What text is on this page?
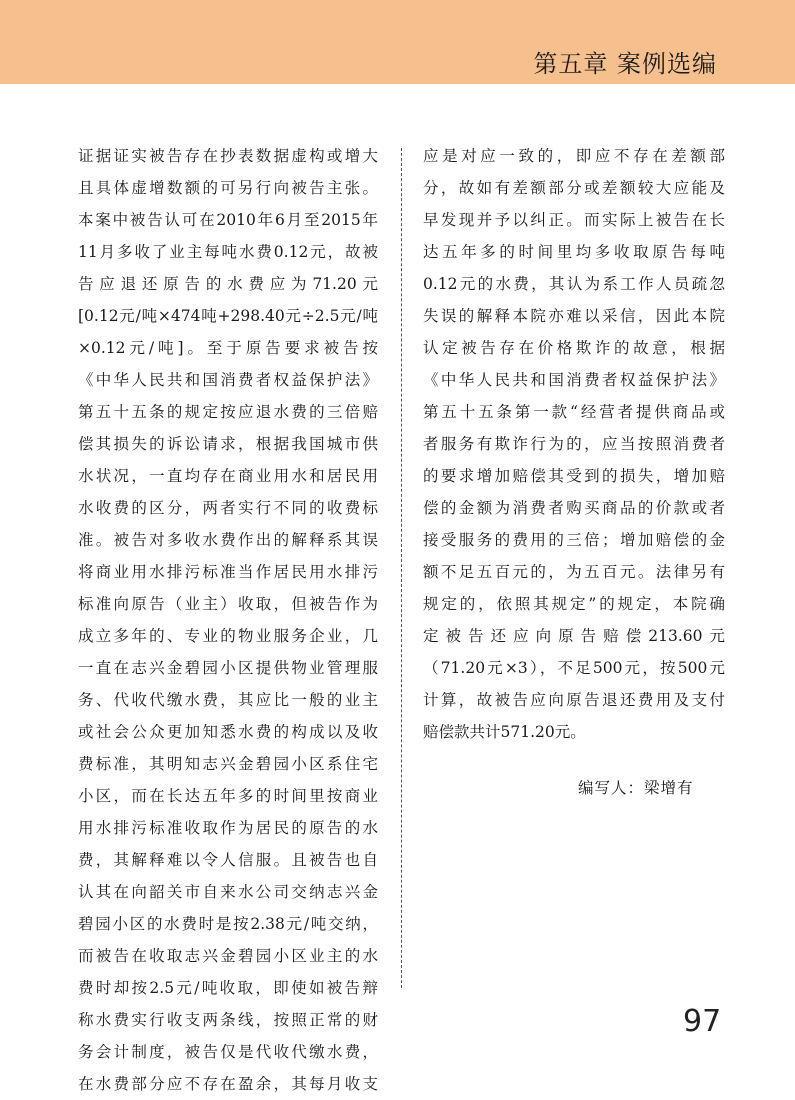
第五章 案例选编
证据证实被告存在抄表数据虚构或增大
且具体虚增数额的可另行向被告主张。
本案中被告认可在2010年6月至2015年
11月多收了业主每吨水费0.12元，故被
告应退还原告的水费应为71.20元
[0.12元/吨×474吨+298.40元÷2.5元/吨
×0.12元/吨]。至于原告要求被告按
《中华人民共和国消费者权益保护法》
第五十五条的规定按应退水费的三倍赔
偿其损失的诉讼请求，根据我国城市供
水状况，一直均存在商业用水和居民用
水收费的区分，两者实行不同的收费标
准。被告对多收水费作出的解释系其误
将商业用水排污标准当作居民用水排污
标准向原告（业主）收取，但被告作为
成立多年的、专业的物业服务企业，几
一直在志兴金碧园小区提供物业管理服
务、代收代缴水费，其应比一般的业主
或社会公众更加知悉水费的构成以及收
费标准，其明知志兴金碧园小区系住宅
小区，而在长达五年多的时间里按商业
用水排污标准收取作为居民的原告的水
费，其解释难以令人信服。且被告也自
认其在向韶关市自来水公司交纳志兴金
碧园小区的水费时是按2.38元/吨交纳，
而被告在收取志兴金碧园小区业主的水
费时却按2.5元/吨收取，即使如被告辩
称水费实行收支两条线，按照正常的财
务会计制度，被告仅是代收代缴水费，
在水费部分应不存在盈余，其每月收支
应是对应一致的，即应不存在差额部
分，故如有差额部分或差额较大应能及
早发现并予以纠正。而实际上被告在长
达五年多的时间里均多收取原告每吨
0.12元的水费，其认为系工作人员疏忽
失误的解释本院亦难以采信，因此本院
认定被告存在价格欺诈的故意，根据
《中华人民共和国消费者权益保护法》
第五十五条第一款“经营者提供商品或
者服务有欺诈行为的，应当按照消费者
的要求增加赔偿其受到的损失，增加赔
偿的金额为消费者购买商品的价款或者
接受服务的费用的三倍；增加赔偿的金
额不足五百元的，为五百元。法律另有
规定的，依照其规定”的规定，本院确
定被告还应向原告赔偿213.60元
（71.20元×3），不足500元，按500元
计算，故被告应向原告退还费用及支付
赔偿款共计571.20元。
编写人：梁增有
97
